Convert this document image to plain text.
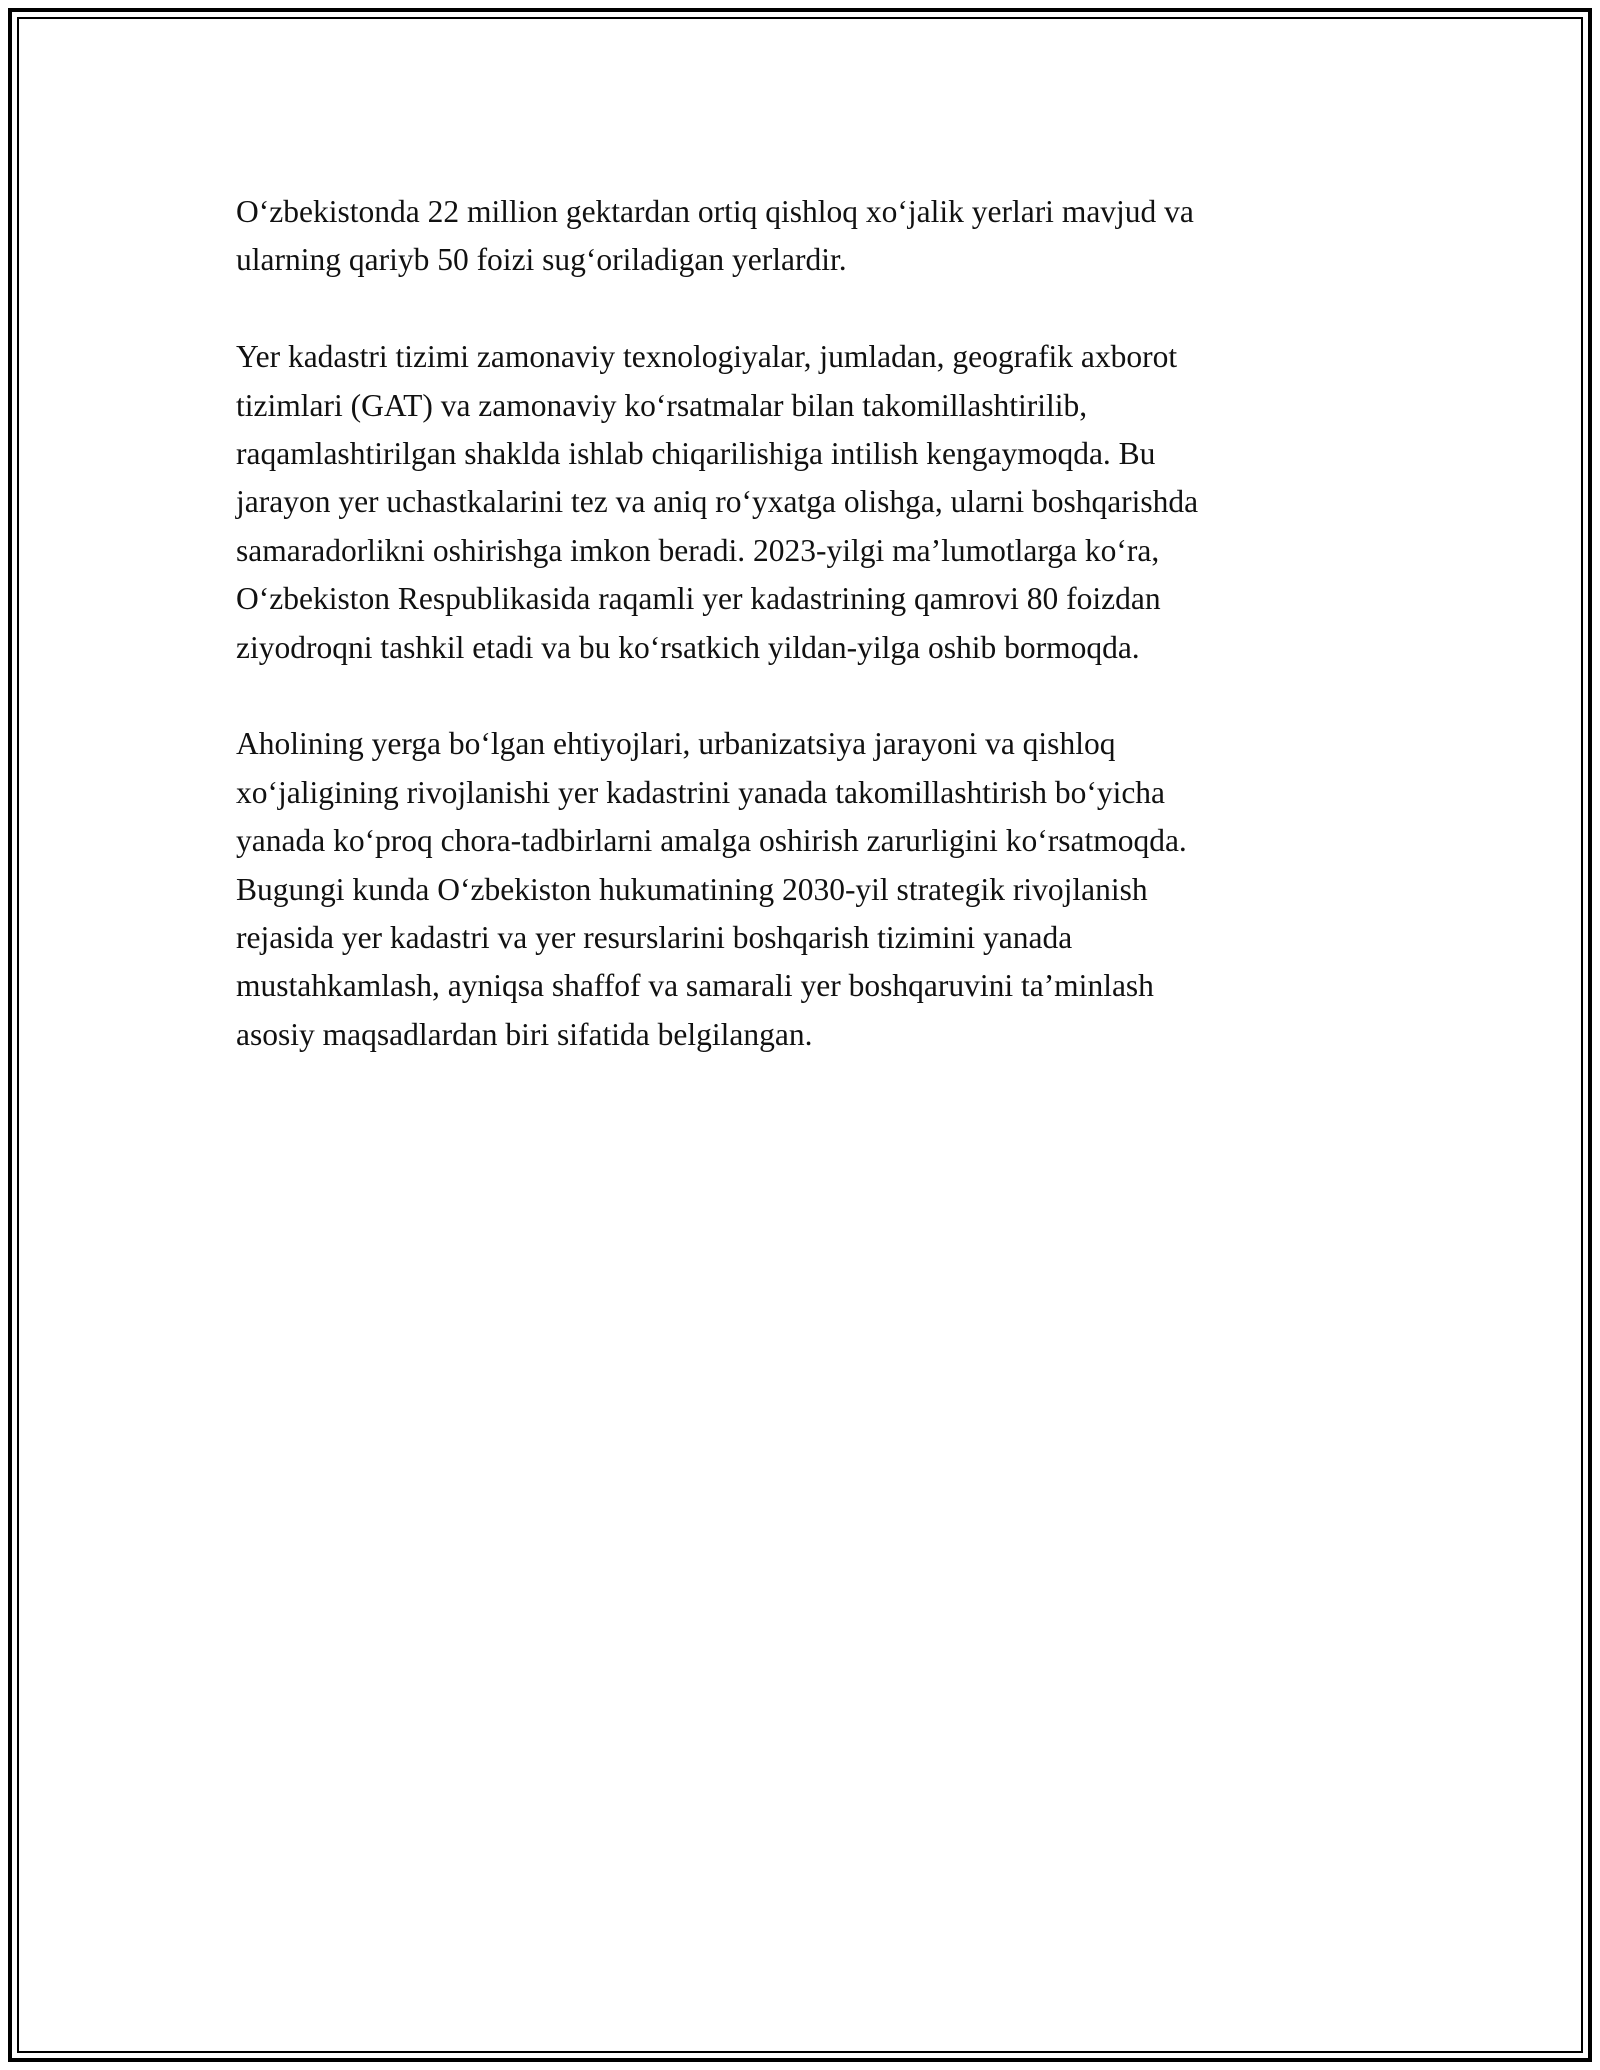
O‘zbekistonda 22 million gektardan ortiq qishloq xo‘jalik yerlari mavjud va
ularning qariyb 50 foizi sug‘oriladigan yerlardir.

Yer kadastri tizimi zamonaviy texnologiyalar, jumladan, geografik axborot
tizimlari (GAT) va zamonaviy ko‘rsatmalar bilan takomillashtirilib,
raqamlashtirilgan shaklda ishlab chiqarilishiga intilish kengaymoqda. Bu
jarayon yer uchastkalarini tez va aniq ro‘yxatga olishga, ularni boshqarishda
samaradorlikni oshirishga imkon beradi. 2023-yilgi ma’lumotlarga ko‘ra,
O‘zbekiston Respublikasida raqamli yer kadastrining qamrovi 80 foizdan
ziyodroqni tashkil etadi va bu ko‘rsatkich yildan-yilga oshib bormoqda.

Aholining yerga bo‘lgan ehtiyojlari, urbanizatsiya jarayoni va qishloq
xo‘jaligining rivojlanishi yer kadastrini yanada takomillashtirish bo‘yicha
yanada ko‘proq chora-tadbirlarni amalga oshirish zarurligini ko‘rsatmoqda.
Bugungi kunda O‘zbekiston hukumatining 2030-yil strategik rivojlanish
rejasida yer kadastri va yer resurslarini boshqarish tizimini yanada
mustahkamlash, ayniqsa shaffof va samarali yer boshqaruvini ta’minlash
asosiy maqsadlardan biri sifatida belgilangan.
